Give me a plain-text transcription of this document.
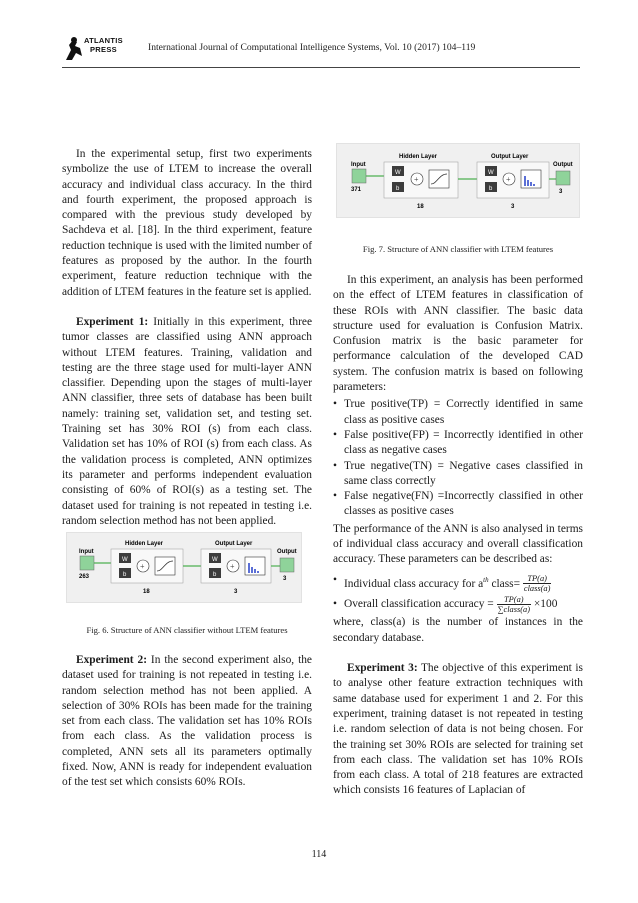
ATLANTIS
PRESS	International Journal of Computational Intelligence Systems, Vol. 10 (2017) 104–119

In the experimental setup, first two experiments symbolize the use of LTEM to increase the overall accuracy and individual class accuracy. In the third and fourth experiment, the proposed approach is compared with the previous study developed by Sachdeva et al. [18]. In the third experiment, feature reduction technique is used with the limited number of features as proposed by the author. In the fourth experiment, feature reduction technique with the addition of LTEM features in the feature set is applied.

Experiment 1: Initially in this experiment, three tumor classes are classified using ANN approach without LTEM features. Training, validation and testing are the three stage used for multi-layer ANN classifier. Depending upon the stages of multi-layer ANN classifier, three sets of database has been built namely: training set, validation set, and testing set. Training set has 30% ROI (s) from each class. Validation set has 10% of ROI (s) from each class. As the validation process is completed, ANN optimizes its parameter and performs independent evaluation consisting of 60% of ROI(s) as a testing set. The dataset used for training is not repeated in testing i.e. random selection method has not been applied.

Input
263
Hidden Layer
W
b
+
18
Output Layer
W
b
+
3
Output
3
Fig. 6. Structure of ANN classifier without LTEM features

Experiment 2: In the second experiment also, the dataset used for training is not repeated in testing i.e. random selection method has not been applied. A selection of 30% ROIs has been made for the training set from each class. The validation set has 10% ROIs from each class. As the validation process is completed, ANN sets all its parameters optimally fixed. Now, ANN is ready for independent evaluation of the test set which consists 60% ROIs.

Input
371
Hidden Layer
W
b
+
18
Output Layer
W
b
+
3
Output
3
Fig. 7. Structure of ANN classifier with LTEM features

In this experiment, an analysis has been performed on the effect of LTEM features in classification of these ROIs with ANN classifier. The basic data structure used for evaluation is Confusion Matrix. Confusion matrix is the basic parameter for performance calculation of the developed CAD system. The confusion matrix is based on following parameters:

• True positive(TP) = Correctly identified in same class as positive cases
• False positive(FP) = Incorrectly identified in other class as negative cases
• True negative(TN) = Negative cases classified in same class correctly
• False negative(FN) =Incorrectly classified in other classes as positive cases

The performance of the ANN is also analysed in terms of individual class accuracy and overall classification accuracy. These parameters can be described as:

• Individual class accuracy for $a^{th}$ class= $\frac{TP(a)}{\text{class(a)}}$
• Overall classification accuracy = $\frac{TP(a)}{\text{∑class(a)}} \times 100$

where, class(a) is the number of instances in the secondary database.

Experiment 3: The objective of this experiment is to analyse other feature extraction techniques with same database used for experiment 1 and 2. For this experiment, training dataset is not repeated in testing i.e. random selection of data is not being chosen. For the training set 30% ROIs are selected for training set from each class. The validation set has 10% ROIs from each class. A total of 218 features are extracted which consists 16 features of Laplacian of

114
